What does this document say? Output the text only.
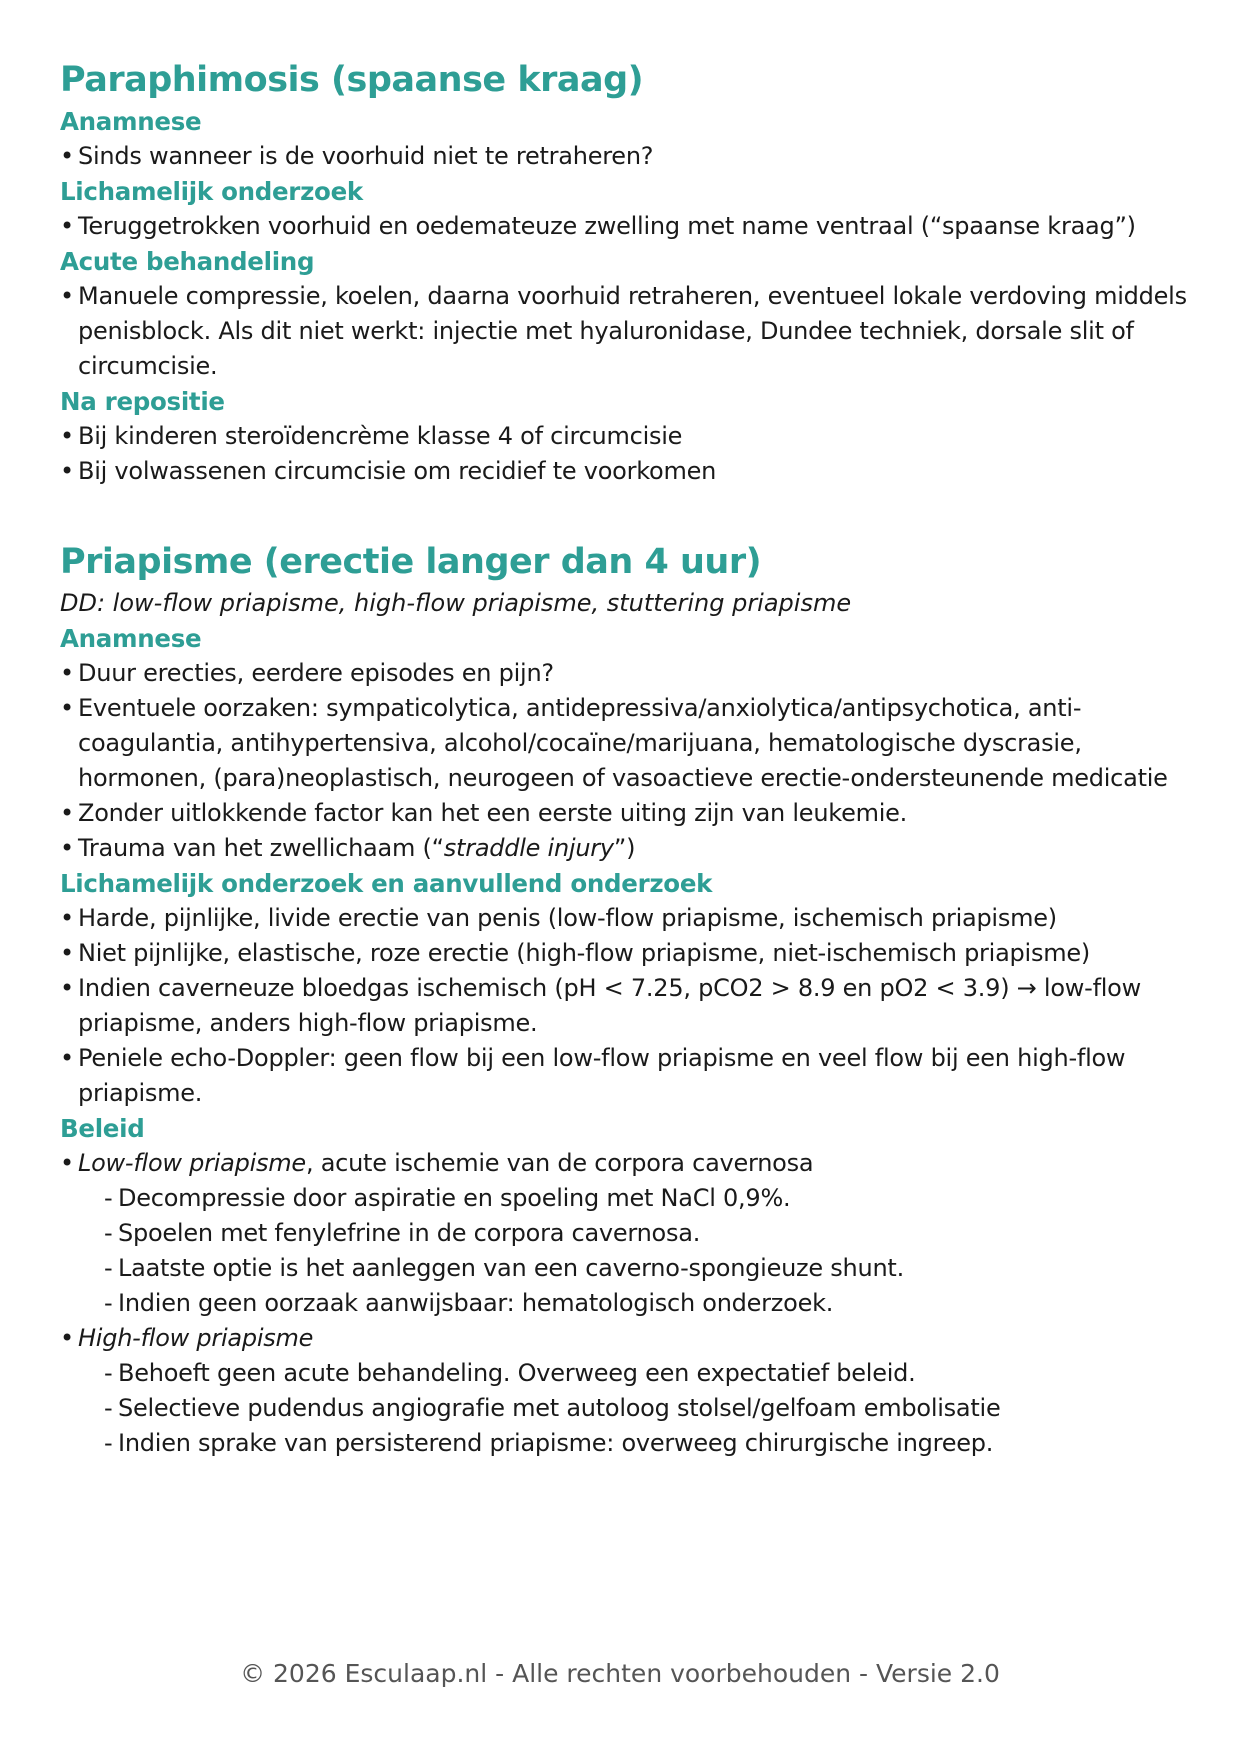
Paraphimosis (spaanse kraag)
Anamnese
• Sinds wanneer is de voorhuid niet te retraheren?
Lichamelijk onderzoek
• Teruggetrokken voorhuid en oedemateuze zwelling met name ventraal (“spaanse kraag”)
Acute behandeling
• Manuele compressie, koelen, daarna voorhuid retraheren, eventueel lokale verdoving middels penisblock. Als dit niet werkt: injectie met hyaluronidase, Dundee techniek, dorsale slit of circumcisie.
Na repositie
• Bij kinderen steroïdencrème klasse 4 of circumcisie
• Bij volwassenen circumcisie om recidief te voorkomen
Priapisme (erectie langer dan 4 uur)

DD: low-flow priapisme, high-flow priapisme, stuttering priapisme

Anamnese
• Duur erecties, eerdere episodes en pijn?
• Eventuele oorzaken: sympaticolytica, antidepressiva/anxiolytica/antipsychotica, anti-coagulantia, antihypertensiva, alcohol/cocaïne/marijuana, hematologische dyscrasie, hormonen, (para)neoplastisch, neurogeen of vasoactieve erectie-ondersteunende medicatie
• Zonder uitlokkende factor kan het een eerste uiting zijn van leukemie.
• Trauma van het zwellichaam (“straddle injury”)
Lichamelijk onderzoek en aanvullend onderzoek
• Harde, pijnlijke, livide erectie van penis (low-flow priapisme, ischemisch priapisme)
• Niet pijnlijke, elastische, roze erectie (high-flow priapisme, niet-ischemisch priapisme)
• Indien caverneuze bloedgas ischemisch (pH < 7.25, pCO2 > 8.9 en pO2 < 3.9) → low-flow priapisme, anders high-flow priapisme.
• Peniele echo-Doppler: geen flow bij een low-flow priapisme en veel flow bij een high-flow priapisme.
Beleid
• Low-flow priapisme, acute ischemie van de corpora cavernosa
- Decompressie door aspiratie en spoeling met NaCl 0,9%.
- Spoelen met fenylefrine in de corpora cavernosa.
- Laatste optie is het aanleggen van een caverno-spongieuze shunt.
- Indien geen oorzaak aanwijsbaar: hematologisch onderzoek.
• High-flow priapisme
- Behoeft geen acute behandeling. Overweeg een expectatief beleid.
- Selectieve pudendus angiografie met autoloog stolsel/gelfoam embolisatie
- Indien sprake van persisterend priapisme: overweeg chirurgische ingreep.
© 2026 Esculaap.nl - Alle rechten voorbehouden - Versie 2.0
